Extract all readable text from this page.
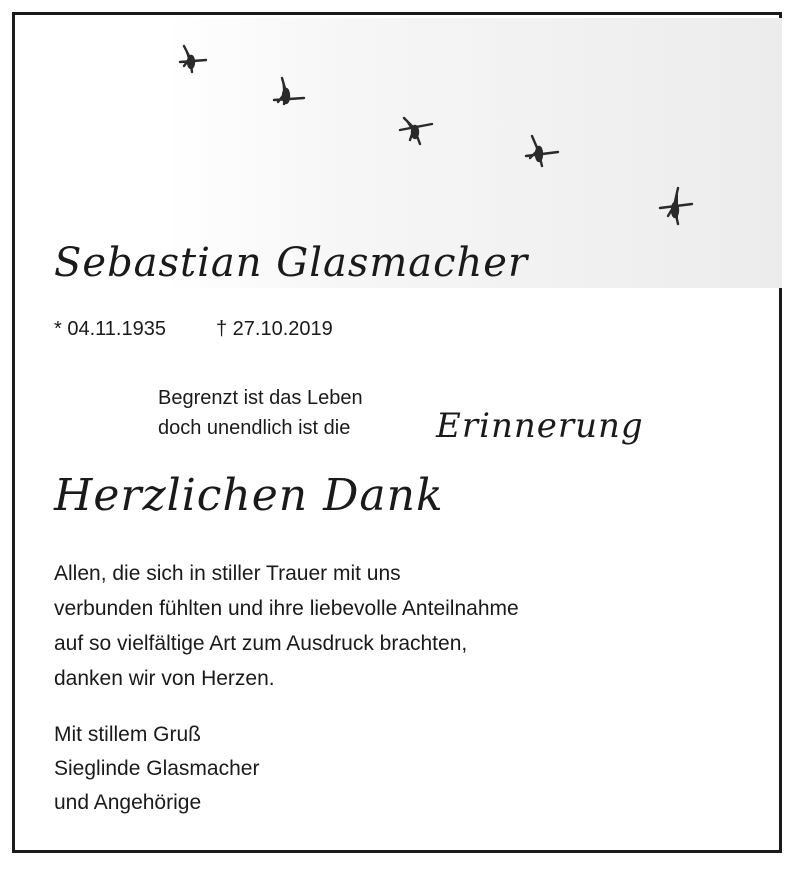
Sebastian Glasmacher
* 04.11.1935	† 27.10.2019
Begrenzt ist das Leben
doch unendlich ist die	Erinnerung
Herzlichen Dank
Allen, die sich in stiller Trauer mit uns
verbunden fühlten und ihre liebevolle Anteilnahme
auf so vielfältige Art zum Ausdruck brachten,
danken wir von Herzen.
Mit stillem Gruß
Sieglinde Glasmacher
und Angehörige
